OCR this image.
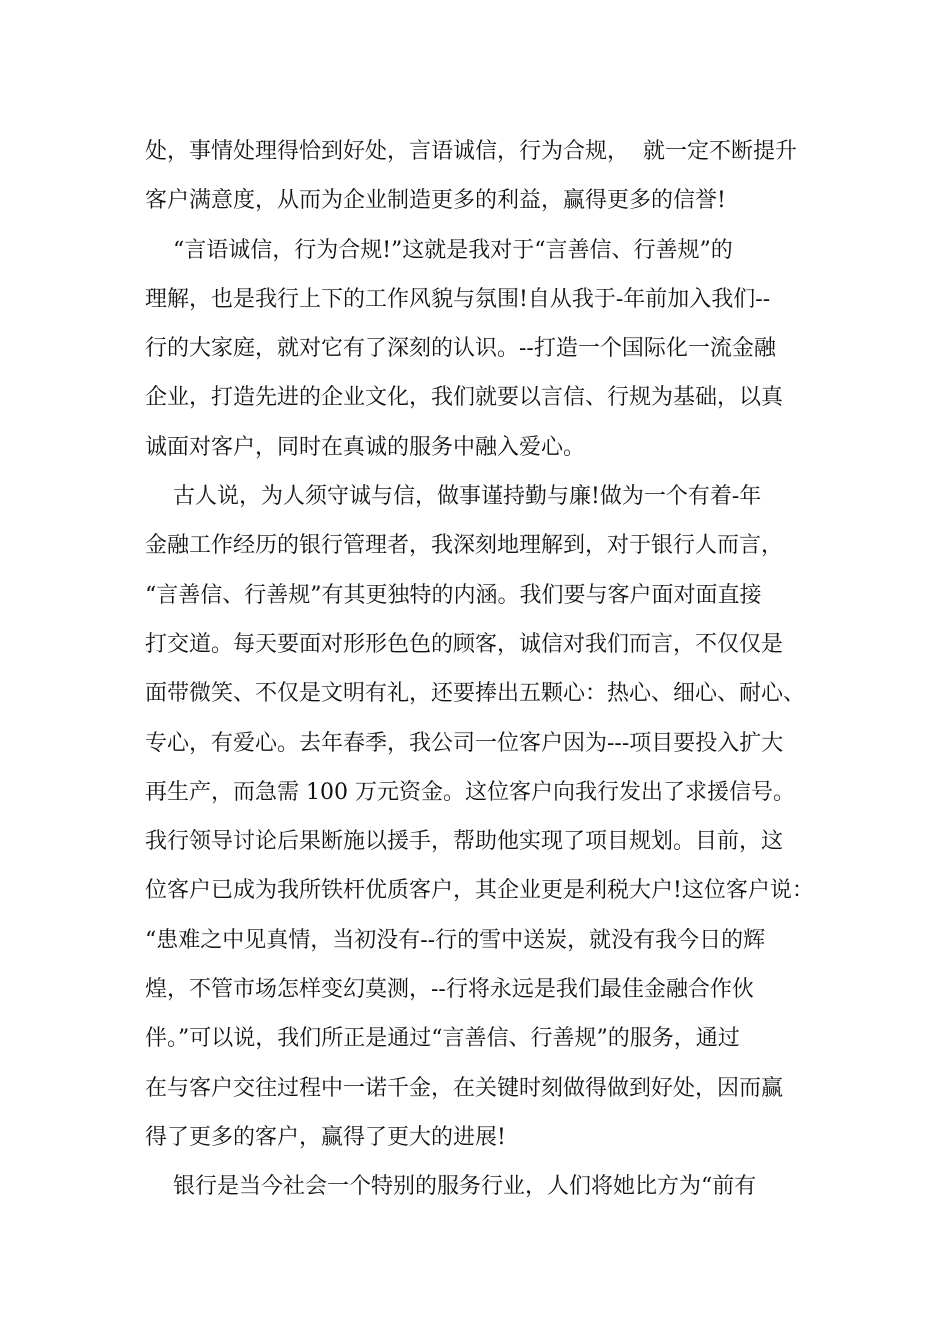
处，事情处理得恰到好处，言语诚信，行为合规，  就一定不断提升
客户满意度，从而为企业制造更多的利益，赢得更多的信誉!
“言语诚信，行为合规!”这就是我对于“言善信、行善规”的
理解，也是我行上下的工作风貌与氛围!自从我于-年前加入我们--
行的大家庭，就对它有了深刻的认识。--打造一个国际化一流金融
企业，打造先进的企业文化，我们就要以言信、行规为基础，以真
诚面对客户，同时在真诚的服务中融入爱心。
古人说，为人须守诚与信，做事谨持勤与廉!做为一个有着-年
金融工作经历的银行管理者，我深刻地理解到，对于银行人而言，
“言善信、行善规”有其更独特的内涵。我们要与客户面对面直接
打交道。每天要面对形形色色的顾客，诚信对我们而言，不仅仅是
面带微笑、不仅是文明有礼，还要捧出五颗心：热心、细心、耐心、
专心，有爱心。去年春季，我公司一位客户因为---项目要投入扩大
再生产，而急需 100 万元资金。这位客户向我行发出了求援信号。
我行领导讨论后果断施以援手，帮助他实现了项目规划。目前，这
位客户已成为我所铁杆优质客户，其企业更是利税大户!这位客户说：
“患难之中见真情，当初没有--行的雪中送炭，就没有我今日的辉
煌，不管市场怎样变幻莫测，--行将永远是我们最佳金融合作伙
伴。”可以说，我们所正是通过“言善信、行善规”的服务，通过
在与客户交往过程中一诺千金，在关键时刻做得做到好处，因而赢
得了更多的客户，赢得了更大的进展!
银行是当今社会一个特别的服务行业，人们将她比方为“前有
